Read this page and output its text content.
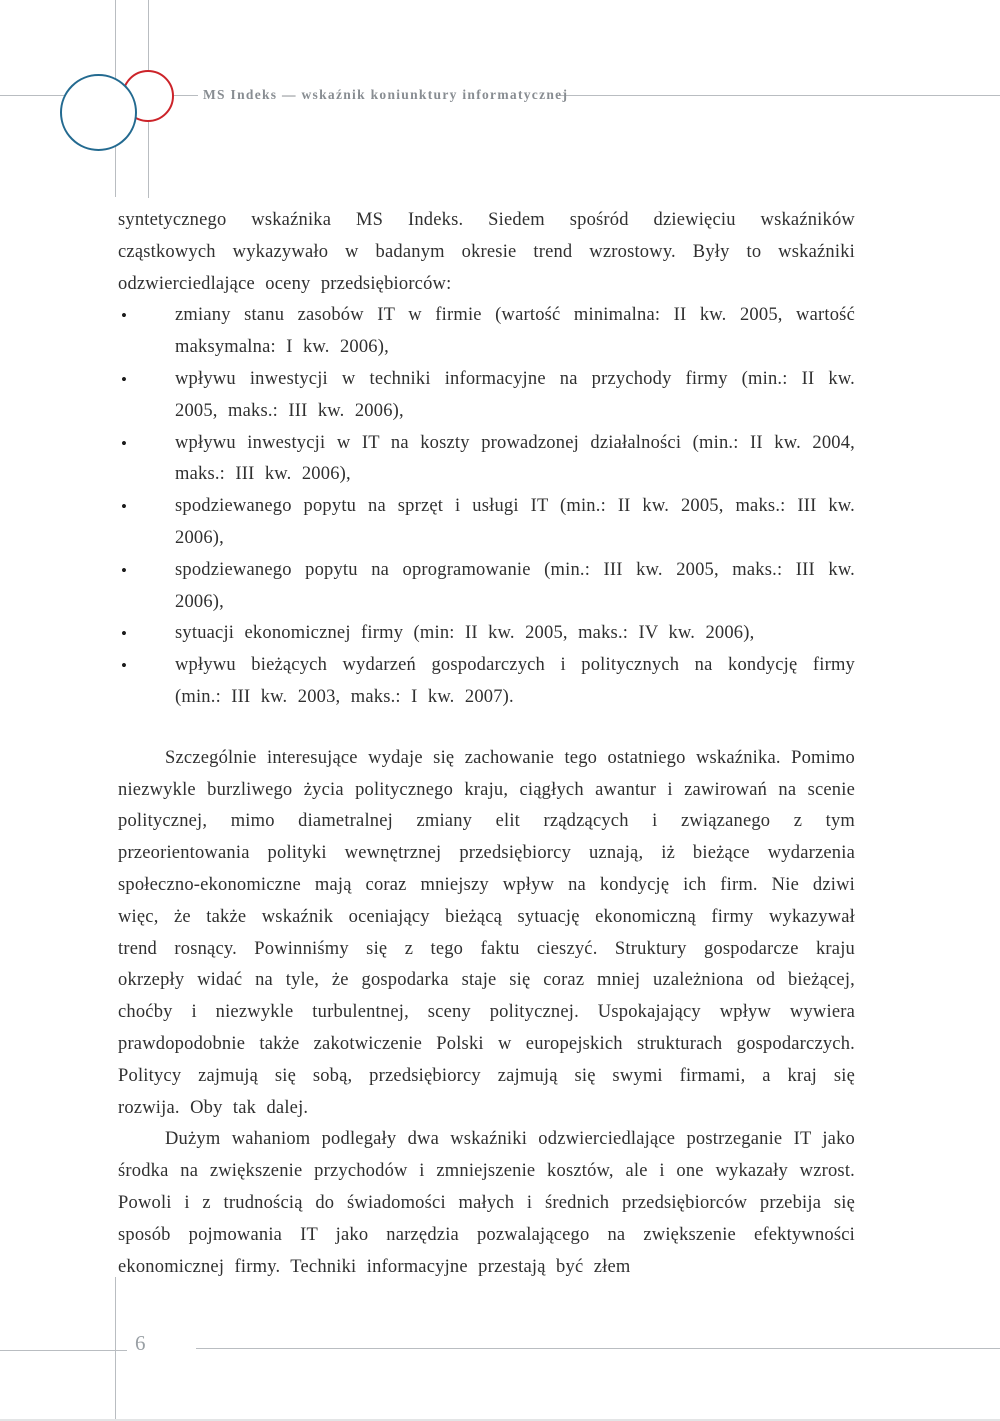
MS Indeks — wskaźnik koniunktury informatycznej

syntetycznego wskaźnika MS Indeks. Siedem spośród dziewięciu wskaźników cząstkowych wykazywało w badanym okresie trend wzrostowy. Były to wskaźniki odzwierciedlające oceny przedsiębiorców:

•	zmiany stanu zasobów IT w firmie (wartość minimalna: II kw. 2005, wartość maksymalna: I kw. 2006),
•	wpływu inwestycji w techniki informacyjne na przychody firmy (min.: II kw. 2005, maks.: III kw. 2006),
•	wpływu inwestycji w IT na koszty prowadzonej działalności (min.: II kw. 2004, maks.: III kw. 2006),
•	spodziewanego popytu na sprzęt i usługi IT (min.: II kw. 2005, maks.: III kw. 2006),
•	spodziewanego popytu na oprogramowanie (min.: III kw. 2005, maks.: III kw. 2006),
•	sytuacji ekonomicznej firmy (min: II kw. 2005, maks.: IV kw. 2006),
•	wpływu bieżących wydarzeń gospodarczych i politycznych na kondycję firmy (min.: III kw. 2003, maks.: I kw. 2007).

Szczególnie interesujące wydaje się zachowanie tego ostatniego wskaźnika. Pomimo niezwykle burzliwego życia politycznego kraju, ciągłych awantur i zawirowań na scenie politycznej, mimo diametralnej zmiany elit rządzących i związanego z tym przeorientowania polityki wewnętrznej przedsiębiorcy uznają, iż bieżące wydarzenia społeczno-ekonomiczne mają coraz mniejszy wpływ na kondycję ich firm. Nie dziwi więc, że także wskaźnik oceniający bieżącą sytuację ekonomiczną firmy wykazywał trend rosnący. Powinniśmy się z tego faktu cieszyć. Struktury gospodarcze kraju okrzepły widać na tyle, że gospodarka staje się coraz mniej uzależniona od bieżącej, choćby i niezwykle turbulentnej, sceny politycznej. Uspokajający wpływ wywiera prawdopodobnie także zakotwiczenie Polski w europejskich strukturach gospodarczych. Politycy zajmują się sobą, przedsiębiorcy zajmują się swymi firmami, a kraj się rozwija. Oby tak dalej.

Dużym wahaniom podlegały dwa wskaźniki odzwierciedlające postrzeganie IT jako środka na zwiększenie przychodów i zmniejszenie kosztów, ale i one wykazały wzrost. Powoli i z trudnością do świadomości małych i średnich przedsiębiorców przebija się sposób pojmowania IT jako narzędzia pozwalającego na zwiększenie efektywności ekonomicznej firmy. Techniki informacyjne przestają być złem

6
